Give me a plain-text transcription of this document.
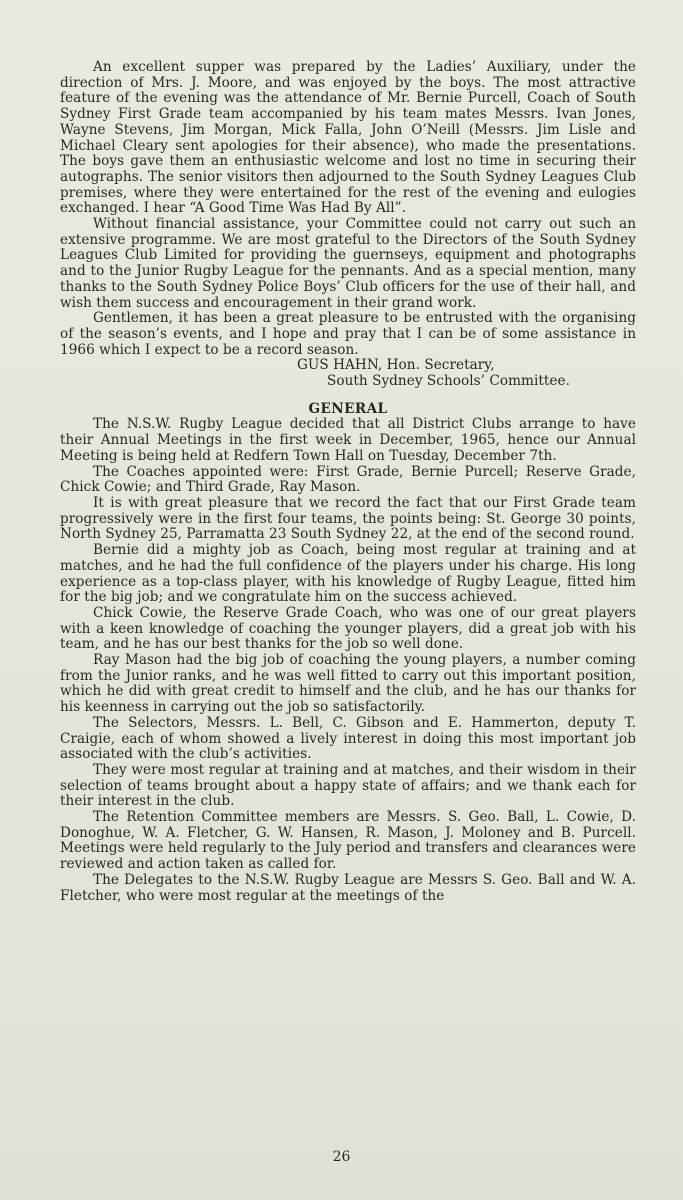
An excellent supper was prepared by the Ladies’ Auxiliary, under the direction of Mrs. J. Moore, and was enjoyed by the boys. The most attractive feature of the evening was the attendance of Mr. Bernie Purcell, Coach of South Sydney First Grade team accompanied by his team mates Messrs. Ivan Jones, Wayne Stevens, Jim Morgan, Mick Falla, John O’Neill (Messrs. Jim Lisle and Michael Cleary sent apologies for their absence), who made the presentations. The boys gave them an enthusiastic welcome and lost no time in securing their autographs. The senior visitors then adjourned to the South Sydney Leagues Club premises, where they were entertained for the rest of the evening and eulogies exchanged. I hear “A Good Time Was Had By All”.

Without financial assistance, your Committee could not carry out such an extensive programme. We are most grateful to the Directors of the South Sydney Leagues Club Limited for providing the guernseys, equipment and photographs and to the Junior Rugby League for the pennants. And as a special mention, many thanks to the South Sydney Police Boys’ Club officers for the use of their hall, and wish them success and encouragement in their grand work.

Gentlemen, it has been a great pleasure to be entrusted with the organising of the season’s events, and I hope and pray that I can be of some assistance in 1966 which I expect to be a record season.

GUS HAHN, Hon. Secretary,

South Sydney Schools’ Committee.

GENERAL

The N.S.W. Rugby League decided that all District Clubs arrange to have their Annual Meetings in the first week in December, 1965, hence our Annual Meeting is being held at Redfern Town Hall on Tuesday, December 7th.

The Coaches appointed were: First Grade, Bernie Purcell; Reserve Grade, Chick Cowie; and Third Grade, Ray Mason.

It is with great pleasure that we record the fact that our First Grade team progressively were in the first four teams, the points being: St. George 30 points, North Sydney 25, Parramatta 23 South Sydney 22, at the end of the second round.

Bernie did a mighty job as Coach, being most regular at training and at matches, and he had the full confidence of the players under his charge. His long experience as a top-class player, with his knowledge of Rugby League, fitted him for the big job; and we congratulate him on the success achieved.

Chick Cowie, the Reserve Grade Coach, who was one of our great players with a keen knowledge of coaching the younger players, did a great job with his team, and he has our best thanks for the job so well done.

Ray Mason had the big job of coaching the young players, a number coming from the Junior ranks, and he was well fitted to carry out this important position, which he did with great credit to himself and the club, and he has our thanks for his keenness in carrying out the job so satisfactorily.

The Selectors, Messrs. L. Bell, C. Gibson and E. Hammerton, deputy T. Craigie, each of whom showed a lively interest in doing this most important job associated with the club’s activities.

They were most regular at training and at matches, and their wisdom in their selection of teams brought about a happy state of affairs; and we thank each for their interest in the club.

The Retention Committee members are Messrs. S. Geo. Ball, L. Cowie, D. Donoghue, W. A. Fletcher, G. W. Hansen, R. Mason, J. Moloney and B. Purcell. Meetings were held regularly to the July period and transfers and clearances were reviewed and action taken as called for.

The Delegates to the N.S.W. Rugby League are Messrs S. Geo. Ball and W. A. Fletcher, who were most regular at the meetings of the

26
